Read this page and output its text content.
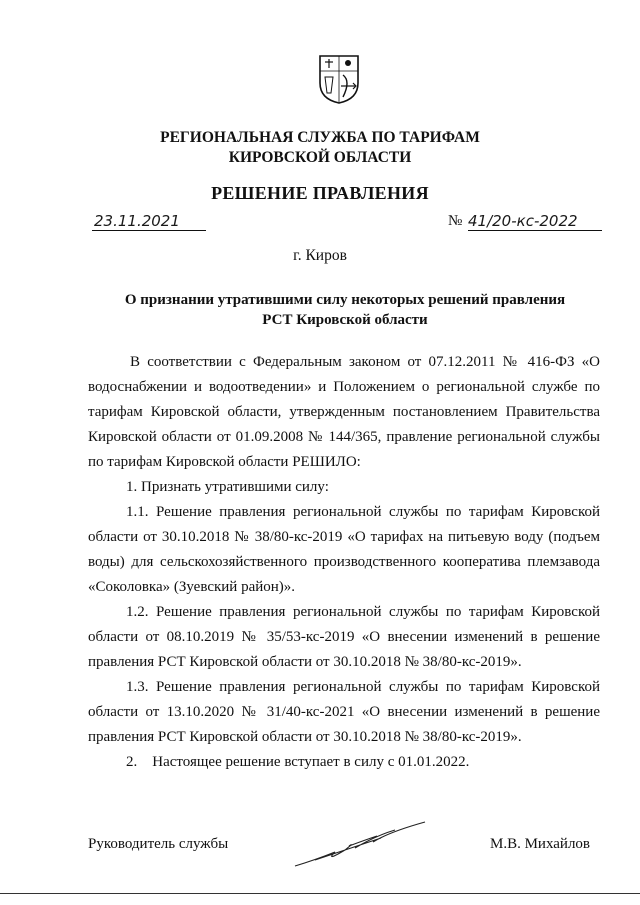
РЕГИОНАЛЬНАЯ СЛУЖБА ПО ТАРИФАМ
КИРОВСКОЙ ОБЛАСТИ
РЕШЕНИЕ ПРАВЛЕНИЯ
23.11.2021	№ 41/20-кс-2022
г. Киров
О признании утратившими силу некоторых решений правления
РСТ Кировской области

В соответствии с Федеральным законом от 07.12.2011 № 416-ФЗ «О водоснабжении и водоотведении» и Положением о региональной службе по тарифам Кировской области, утвержденным постановлением Правительства Кировской области от 01.09.2008 № 144/365, правление региональной службы по тарифам Кировской области РЕШИЛО:

1. Признать утратившими силу:

1.1. Решение правления региональной службы по тарифам Кировской области от 30.10.2018 № 38/80-кс-2019 «О тарифах на питьевую воду (подъем воды) для сельскохозяйственного производственного кооператива племзавода «Соколовка» (Зуевский район)».

1.2. Решение правления региональной службы по тарифам Кировской области от 08.10.2019 № 35/53-кс-2019 «О внесении изменений в решение правления РСТ Кировской области от 30.10.2018 № 38/80-кс-2019».

1.3. Решение правления региональной службы по тарифам Кировской области от 13.10.2020 № 31/40-кс-2021 «О внесении изменений в решение правления РСТ Кировской области от 30.10.2018 № 38/80-кс-2019».

2. Настоящее решение вступает в силу с 01.01.2022.

Руководитель службы	М.В. Михайлов
